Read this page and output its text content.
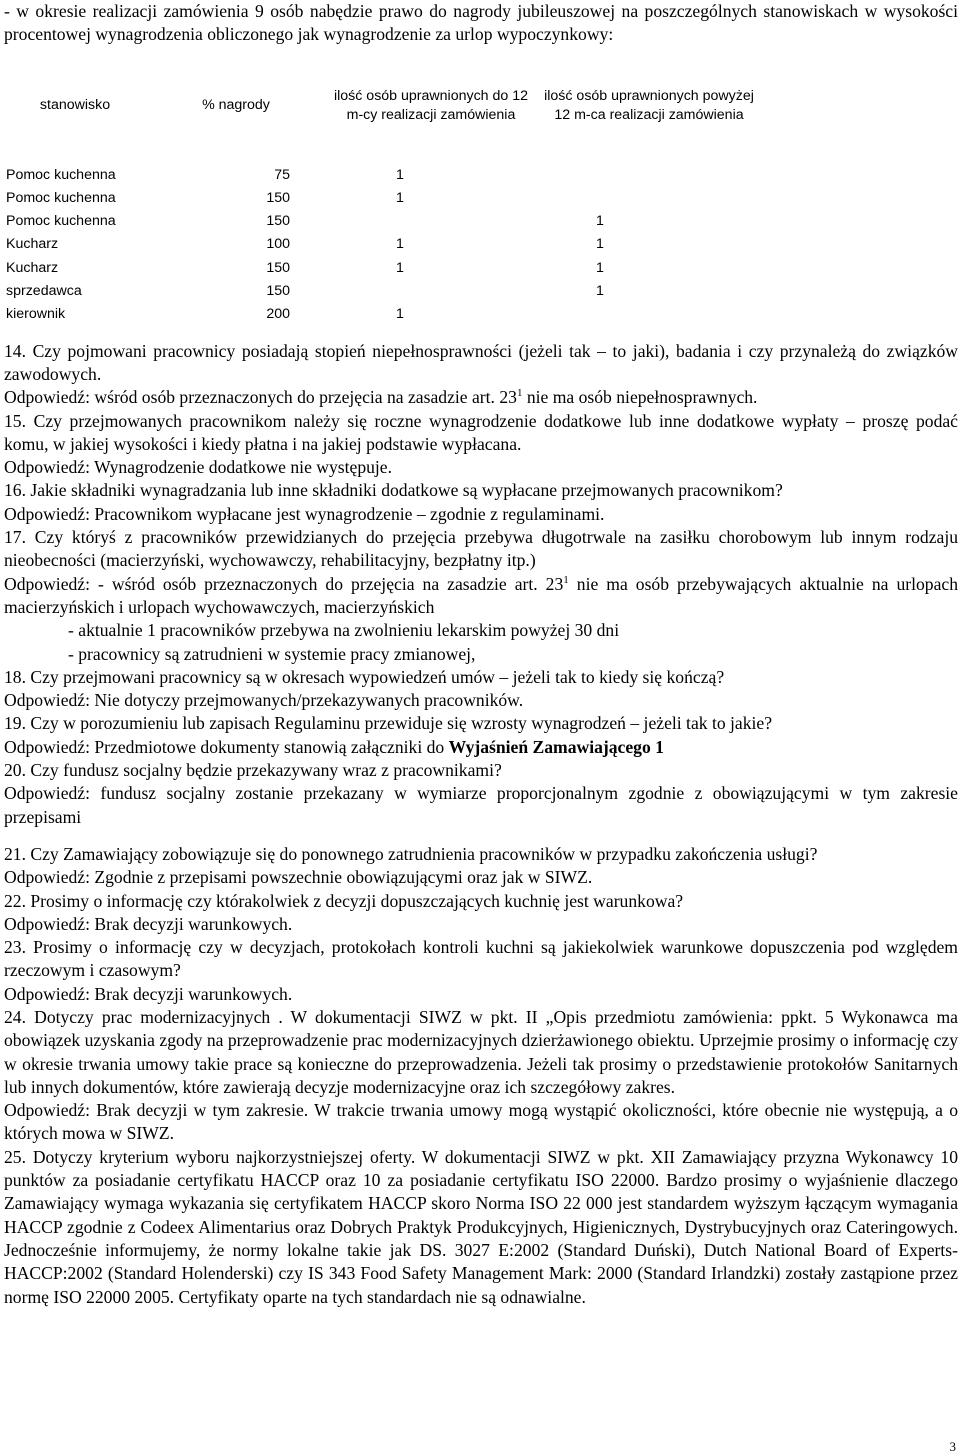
- w okresie realizacji zamówienia 9 osób nabędzie prawo do nagrody jubileuszowej na poszczególnych stanowiskach w wysokości procentowej wynagrodzenia obliczonego jak wynagrodzenie za urlop wypoczynkowy:

stanowisko	% nagrody	ilość osób uprawnionych do 12 m-cy realizacji zamówienia	ilość osób uprawnionych powyżej 12 m-ca realizacji zamówienia
Pomoc kuchenna	75	1	
Pomoc kuchenna	150	1	
Pomoc kuchenna	150		1
Kucharz	100	1	1
Kucharz	150	1	1
sprzedawca	150		1
kierownik	200	1	

14. Czy pojmowani pracownicy posiadają stopień niepełnosprawności (jeżeli tak – to jaki), badania i czy przynależą do związków zawodowych.

Odpowiedź: wśród osób przeznaczonych do przejęcia na zasadzie art. $23^1$ nie ma osób niepełnosprawnych.

15. Czy przejmowanych pracownikom należy się roczne wynagrodzenie dodatkowe lub inne dodatkowe wypłaty – proszę podać komu, w jakiej wysokości i kiedy płatna i na jakiej podstawie wypłacana.

Odpowiedź: Wynagrodzenie dodatkowe nie występuje.

16. Jakie składniki wynagradzania lub inne składniki dodatkowe są wypłacane przejmowanych pracownikom?

Odpowiedź: Pracownikom wypłacane jest wynagrodzenie – zgodnie z regulaminami.

17. Czy któryś z pracowników przewidzianych do przejęcia przebywa długotrwale na zasiłku chorobowym lub innym rodzaju nieobecności (macierzyński, wychowawczy, rehabilitacyjny, bezpłatny itp.)

Odpowiedź: - wśród osób przeznaczonych do przejęcia na zasadzie art. $23^1$ nie ma osób przebywających aktualnie na urlopach macierzyńskich i urlopach wychowawczych, macierzyńskich

- aktualnie 1 pracowników przebywa na zwolnieniu lekarskim powyżej 30 dni

- pracownicy są zatrudnieni w systemie pracy zmianowej,

18. Czy przejmowani pracownicy są w okresach wypowiedzeń umów – jeżeli tak to kiedy się kończą?

Odpowiedź: Nie dotyczy przejmowanych/przekazywanych pracowników.

19. Czy w porozumieniu lub zapisach Regulaminu przewiduje się wzrosty wynagrodzeń – jeżeli tak to jakie?

Odpowiedź: Przedmiotowe dokumenty stanowią załączniki do Wyjaśnień Zamawiającego 1

20. Czy fundusz socjalny będzie przekazywany wraz z pracownikami?

Odpowiedź: fundusz socjalny zostanie przekazany w wymiarze proporcjonalnym zgodnie z obowiązującymi w tym zakresie przepisami

21. Czy Zamawiający zobowiązuje się do ponownego zatrudnienia pracowników w przypadku zakończenia usługi?

Odpowiedź: Zgodnie z przepisami powszechnie obowiązującymi oraz jak w SIWZ.

22. Prosimy o informację czy którakolwiek z decyzji dopuszczających kuchnię jest warunkowa?

Odpowiedź: Brak decyzji warunkowych.

23. Prosimy o informację czy w decyzjach, protokołach kontroli kuchni są jakiekolwiek warunkowe dopuszczenia pod względem rzeczowym i czasowym?

Odpowiedź: Brak decyzji warunkowych.

24. Dotyczy prac modernizacyjnych . W dokumentacji SIWZ w pkt. II „Opis przedmiotu zamówienia: ppkt. 5 Wykonawca ma obowiązek uzyskania zgody na przeprowadzenie prac modernizacyjnych dzierżawionego obiektu. Uprzejmie prosimy o informację czy w okresie trwania umowy takie prace są konieczne do przeprowadzenia. Jeżeli tak prosimy o przedstawienie protokołów Sanitarnych lub innych dokumentów, które zawierają decyzje modernizacyjne oraz ich szczegółowy zakres.

Odpowiedź: Brak decyzji w tym zakresie. W trakcie trwania umowy mogą wystąpić okoliczności, które obecnie nie występują, a o których mowa w SIWZ.

25. Dotyczy kryterium wyboru najkorzystniejszej oferty. W dokumentacji SIWZ w pkt. XII Zamawiający przyzna Wykonawcy 10 punktów za posiadanie certyfikatu HACCP oraz 10 za posiadanie certyfikatu ISO 22000. Bardzo prosimy o wyjaśnienie dlaczego Zamawiający wymaga wykazania się certyfikatem HACCP skoro Norma ISO 22 000 jest standardem wyższym łączącym wymagania HACCP zgodnie z Codeex Alimentarius oraz Dobrych Praktyk Produkcyjnych, Higienicznych, Dystrybucyjnych oraz Cateringowych. Jednocześnie informujemy, że normy lokalne takie jak DS. 3027 E:2002 (Standard Duński), Dutch National Board of Experts-HACCP:2002 (Standard Holenderski) czy IS 343 Food Safety Management Mark: 2000 (Standard Irlandzki) zostały zastąpione przez normę ISO 22000 2005. Certyfikaty oparte na tych standardach nie są odnawialne.

3
